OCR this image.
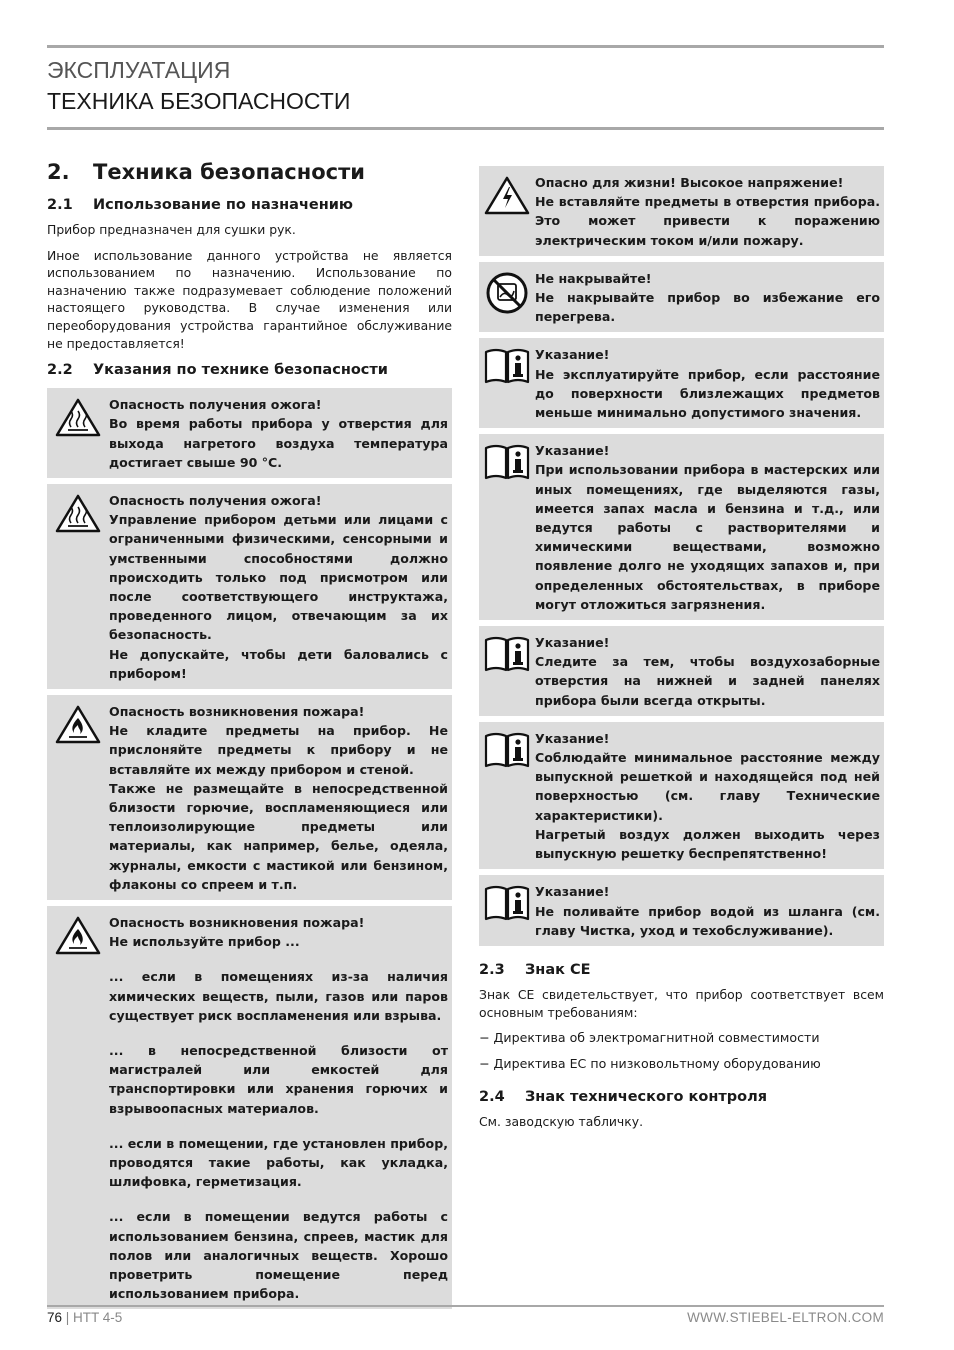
ЭКСПЛУАТАЦИЯ
ТЕХНИКА БЕЗОПАСНОСТИ
2. Техника безопасности
2.1 Использование по назначению

Прибор предназначен для сушки рук.

Иное использование данного устройства не является использованием по назначению. Использование по назначению также подразумевает соблюдение положений настоящего руководства. В случае изменения или переоборудования устройства гарантийное обслуживание не предоставляется!

2.2 Указания по технике безопасности

Опасность получения ожога!

Во время работы прибора у отверстия для выхода нагретого воздуха температура достигает свыше 90 °C.

Опасность получения ожога!

Управление прибором детьми или лицами с ограниченными физическими, сенсорными и умственными способностями должно происходить только под присмотром или после соответствующего инструктажа, проведенного лицом, отвечающим за их безопасность.

Не допускайте, чтобы дети баловались с прибором!

Опасность возникновения пожара!

Не кладите предметы на прибор. Не прислоняйте предметы к прибору и не вставляйте их между прибором и стеной.

Также не размещайте в непосредственной близости горючие, воспламеняющиеся или теплоизолирующие предметы или материалы, как например, белье, одеяла, журналы, емкости с мастикой или бензином, флаконы со спреем и т.п.

Опасность возникновения пожара!

Не используйте прибор ...

... если в помещениях из-за наличия химических веществ, пыли, газов или паров существует риск воспламенения или взрыва.

... в непосредственной близости от магистралей или емкостей для транспортировки или хранения горючих и взрывоопасных материалов.

... если в помещении, где установлен прибор, проводятся такие работы, как укладка, шлифовка, герметизация.

... если в помещении ведутся работы с использованием бензина, спреев, мастик для полов или аналогичных веществ. Хорошо проветрить помещение перед использованием прибора.

Опасно для жизни! Высокое напряжение!

Не вставляйте предметы в отверстия прибора. Это может привести к поражению электрическим током и/или пожару.

Не накрывайте!

Не накрывайте прибор во избежание его перегрева.

Указание!

Не эксплуатируйте прибор, если расстояние до поверхности близлежащих предметов меньше минимально допустимого значения.

Указание!

При использовании прибора в мастерских или иных помещениях, где выделяются газы, имеется запах масла и бензина и т.д., или ведутся работы с растворителями и химическими веществами, возможно появление долго не уходящих запахов и, при определенных обстоятельствах, в приборе могут отложиться загрязнения.

Указание!

Следите за тем, чтобы воздухозаборные отверстия на нижней и задней панелях прибора были всегда открыты.

Указание!

Соблюдайте минимальное расстояние между выпускной решеткой и находящейся под ней поверхностью (см. главу Технические характеристики).

Нагретый воздух должен выходить через выпускную решетку беспрепятственно!

Указание!

Не поливайте прибор водой из шланга (см. главу Чистка, уход и техобслуживание).

2.3 Знак CE

Знак CE свидетельствует, что прибор соответствует всем основным требованиям:

− Директива об электромагнитной совместимости

− Директива EC по низковольтному оборудованию

2.4 Знак технического контроля

См. заводскую табличку.

76 | HTT 4-5	WWW.STIEBEL-ELTRON.COM
